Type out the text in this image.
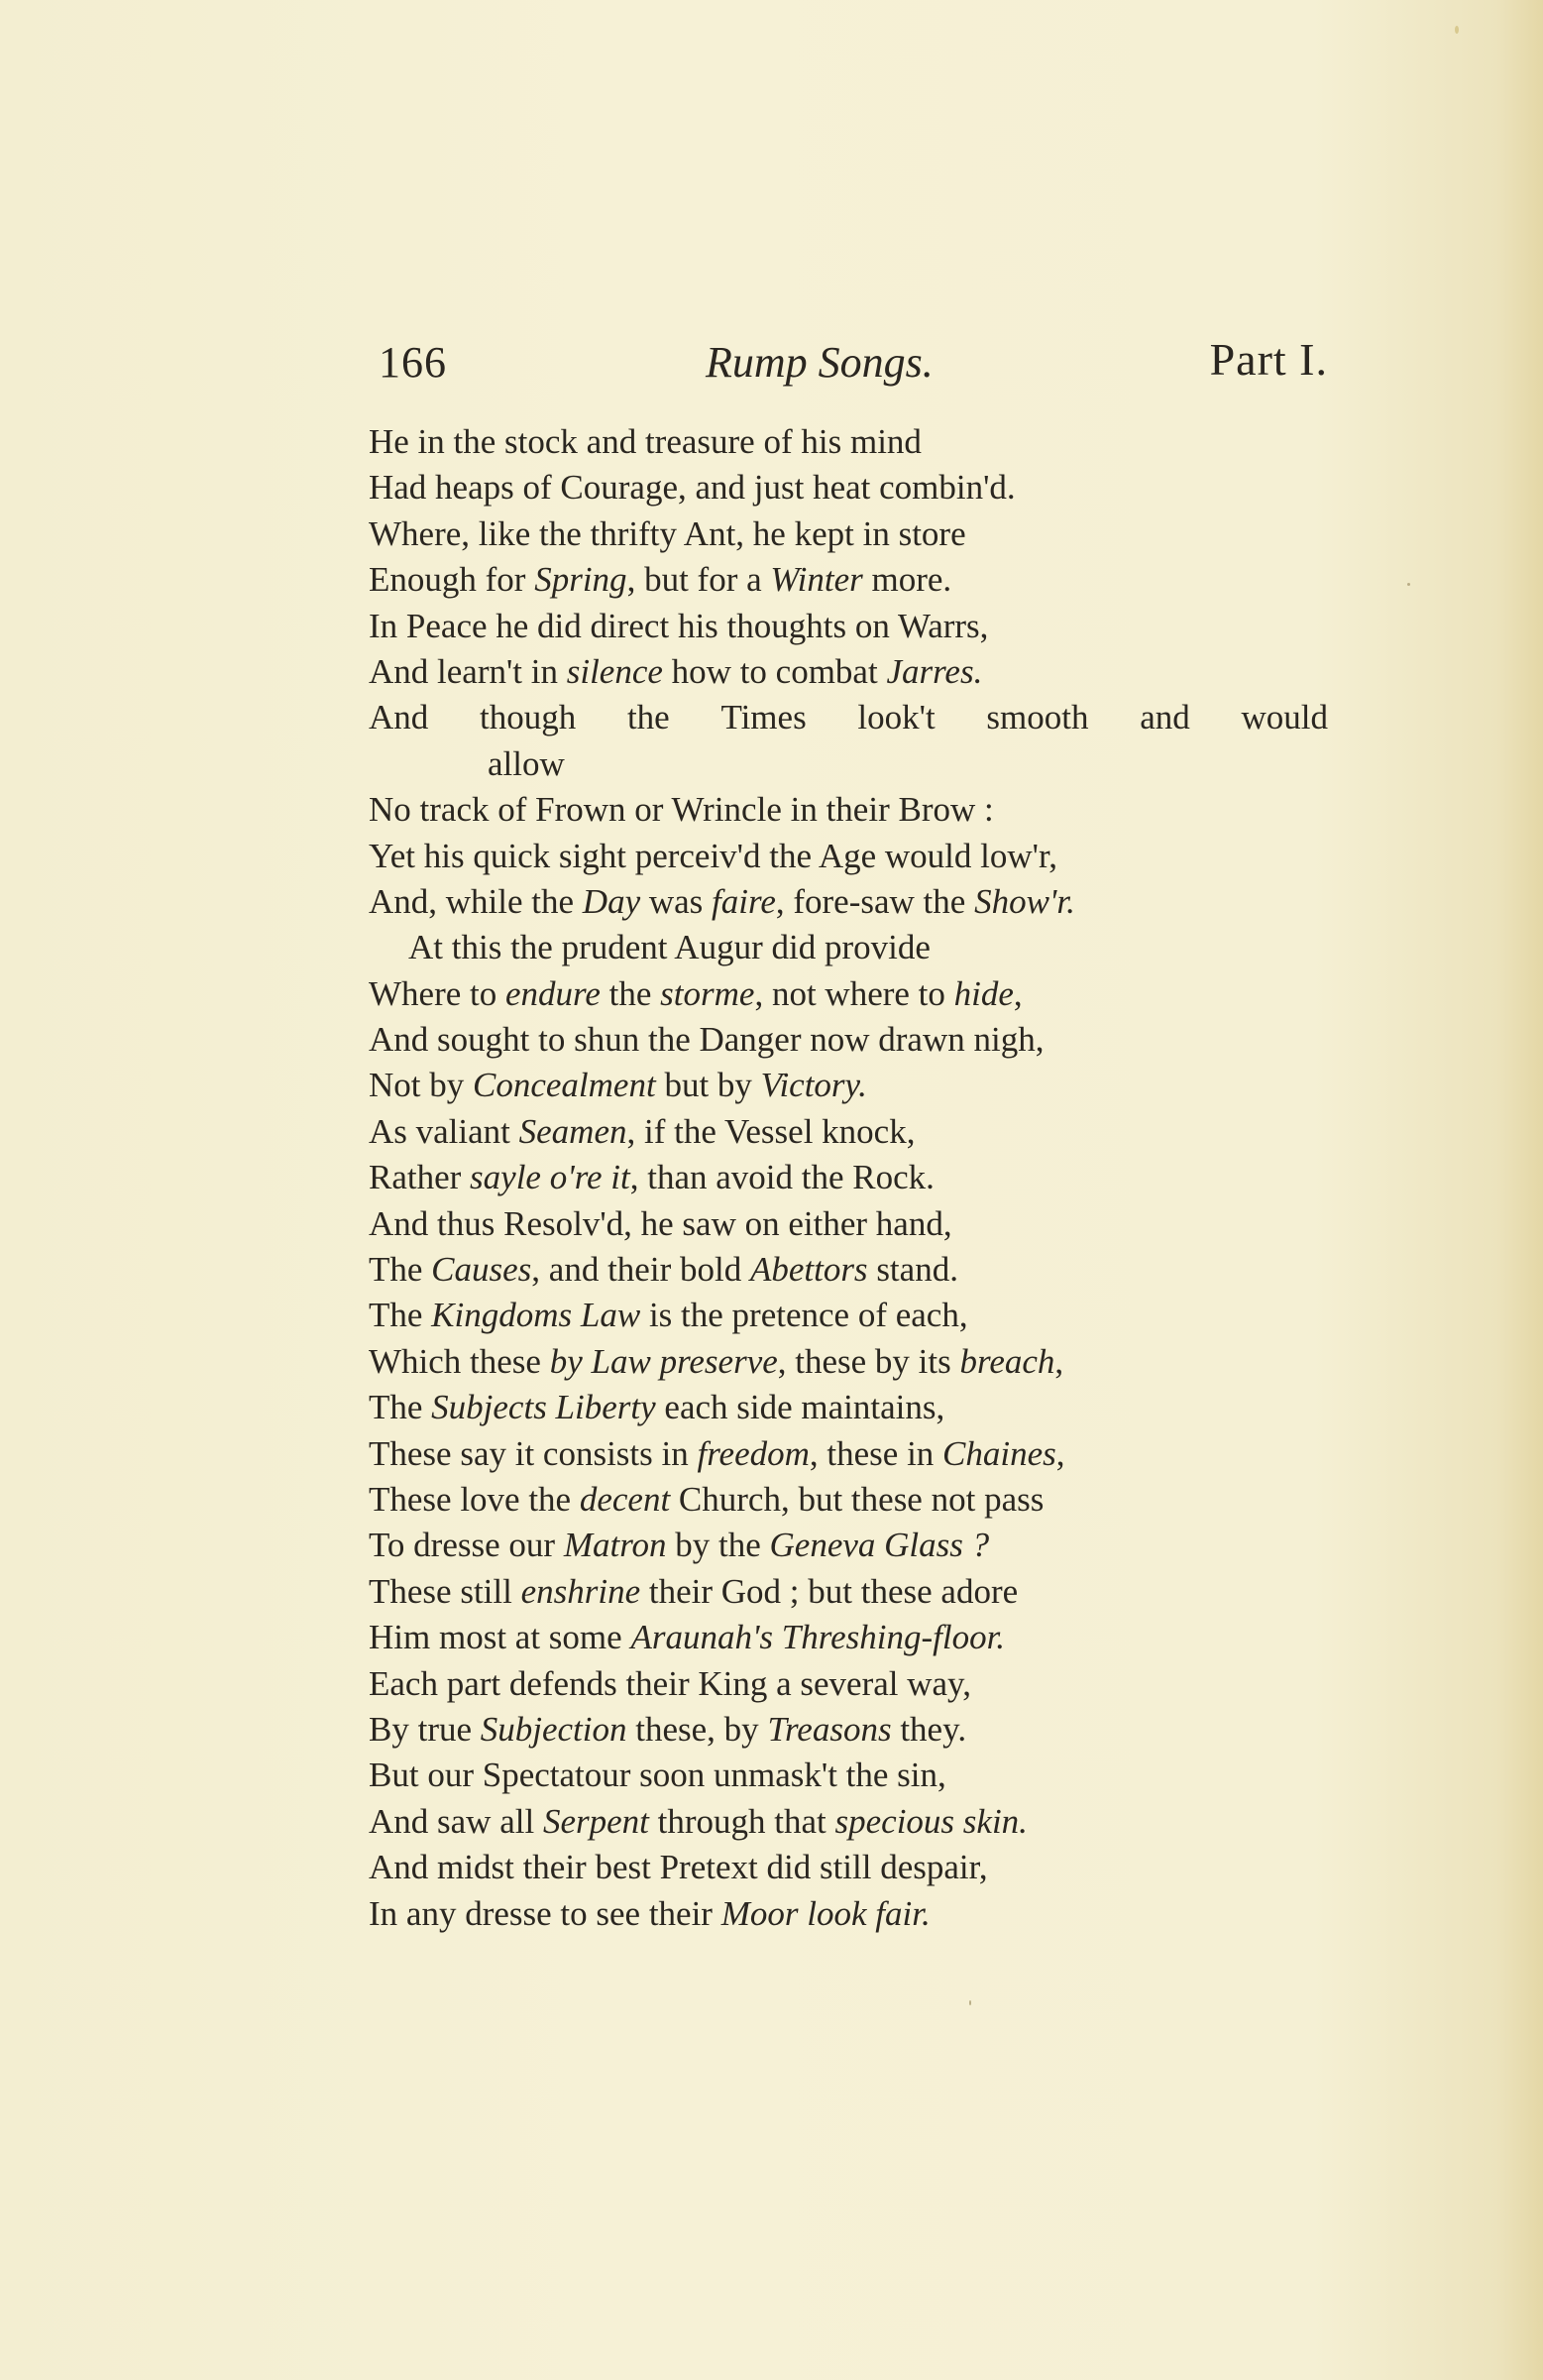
166	Rump Songs.	Part I.
He in the stock and treasure of his mind
Had heaps of Courage, and just heat combin'd.
Where, like the thrifty Ant, he kept in store
Enough for Spring, but for a Winter more.
In Peace he did direct his thoughts on Warrs,
And learn't in silence how to combat Jarres.
And though the Times look't smooth and would
allow
No track of Frown or Wrincle in their Brow :
Yet his quick sight perceiv'd the Age would low'r,
And, while the Day was faire, fore-saw the Show'r.
At this the prudent Augur did provide
Where to endure the storme, not where to hide,
And sought to shun the Danger now drawn nigh,
Not by Concealment but by Victory.
As valiant Seamen, if the Vessel knock,
Rather sayle o're it, than avoid the Rock.
And thus Resolv'd, he saw on either hand,
The Causes, and their bold Abettors stand.
The Kingdoms Law is the pretence of each,
Which these by Law preserve, these by its breach,
The Subjects Liberty each side maintains,
These say it consists in freedom, these in Chaines,
These love the decent Church, but these not pass
To dresse our Matron by the Geneva Glass ?
These still enshrine their God ; but these adore
Him most at some Araunah's Threshing-floor.
Each part defends their King a several way,
By true Subjection these, by Treasons they.
But our Spectatour soon unmask't the sin,
And saw all Serpent through that specious skin.
And midst their best Pretext did still despair,
In any dresse to see their Moor look fair.
